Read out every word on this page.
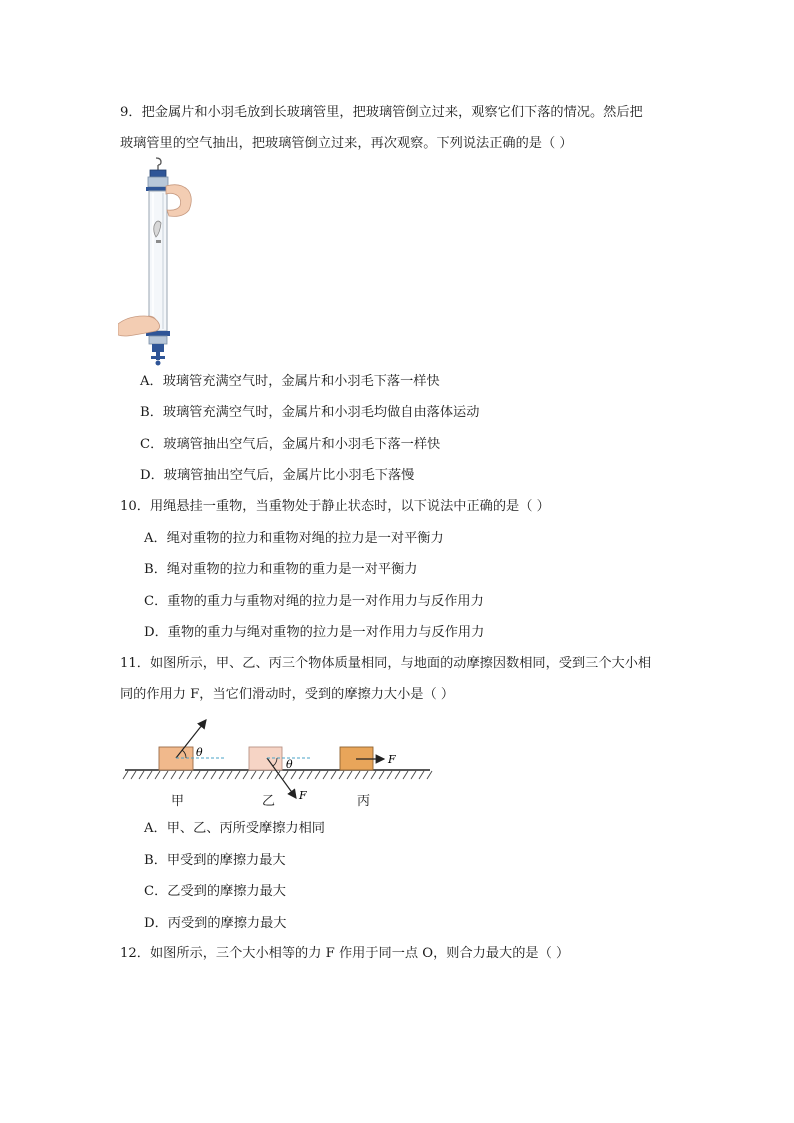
9．把金属片和小羽毛放到长玻璃管里，把玻璃管倒立过来，观察它们下落的情况。然后把
玻璃管里的空气抽出，把玻璃管倒立过来，再次观察。下列说法正确的是（ ）
A．玻璃管充满空气时，金属片和小羽毛下落一样快
B．玻璃管充满空气时，金属片和小羽毛均做自由落体运动
C．玻璃管抽出空气后，金属片和小羽毛下落一样快
D．玻璃管抽出空气后，金属片比小羽毛下落慢
10．用绳悬挂一重物，当重物处于静止状态时，以下说法中正确的是（ ）
A．绳对重物的拉力和重物对绳的拉力是一对平衡力
B．绳对重物的拉力和重物的重力是一对平衡力
C．重物的重力与重物对绳的拉力是一对作用力与反作用力
D．重物的重力与绳对重物的拉力是一对作用力与反作用力
11．如图所示，甲、乙、丙三个物体质量相同，与地面的动摩擦因数相同，受到三个大小相
同的作用力 F，当它们滑动时，受到的摩擦力大小是（ ）
θ
θ
F
F
甲	乙	丙
A．甲、乙、丙所受摩擦力相同
B．甲受到的摩擦力最大
C．乙受到的摩擦力最大
D．丙受到的摩擦力最大
12．如图所示，三个大小相等的力 F 作用于同一点 O，则合力最大的是（ ）
